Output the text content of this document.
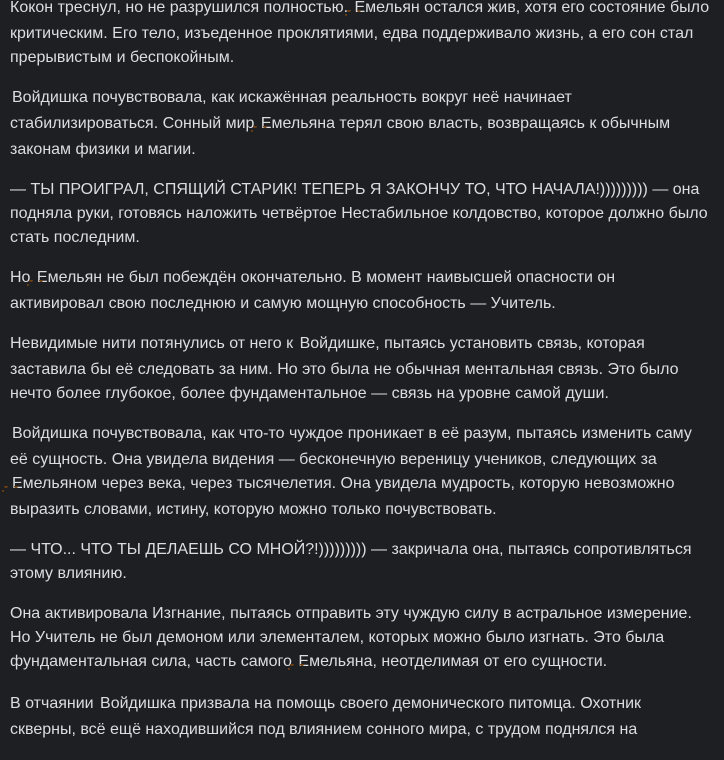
Кокон треснул, но не разрушился полностью. Емельян остался жив, хотя его состояние было критическим. Его тело, изъеденное проклятиями, едва поддерживало жизнь, а его сон стал прерывистым и беспокойным.

Войдишка почувствовала, как искажённая реальность вокруг неё начинает стабилизироваться. Сонный мир Емельяна терял свою власть, возвращаясь к обычным законам физики и магии.

— ТЫ ПРОИГРАЛ, СПЯЩИЙ СТАРИК! ТЕПЕРЬ Я ЗАКОНЧУ ТО, ЧТО НАЧАЛА!))))))))) — она подняла руки, готовясь наложить четвёртое Нестабильное колдовство, которое должно было стать последним.

Но Емельян не был побеждён окончательно. В момент наивысшей опасности он активировал свою последнюю и самую мощную способность — Учитель.

Невидимые нити потянулись от него к Войдишке, пытаясь установить связь, которая заставила бы её следовать за ним. Но это была не обычная ментальная связь. Это было нечто более глубокое, более фундаментальное — связь на уровне самой души.

Войдишка почувствовала, как что-то чуждое проникает в её разум, пытаясь изменить саму её сущность. Она увидела видения — бесконечную вереницу учеников, следующих за Емельяном через века, через тысячелетия. Она увидела мудрость, которую невозможно выразить словами, истину, которую можно только почувствовать.

— ЧТО... ЧТО ТЫ ДЕЛАЕШЬ СО МНОЙ?!))))))))) — закричала она, пытаясь сопротивляться этому влиянию.

Она активировала Изгнание, пытаясь отправить эту чуждую силу в астральное измерение. Но Учитель не был демоном или элементалем, которых можно было изгнать. Это была фундаментальная сила, часть самого Емельяна, неотделимая от его сущности.

В отчаянии Войдишка призвала на помощь своего демонического питомца. Охотник скверны, всё ещё находившийся под влиянием сонного мира, с трудом поднялся на
